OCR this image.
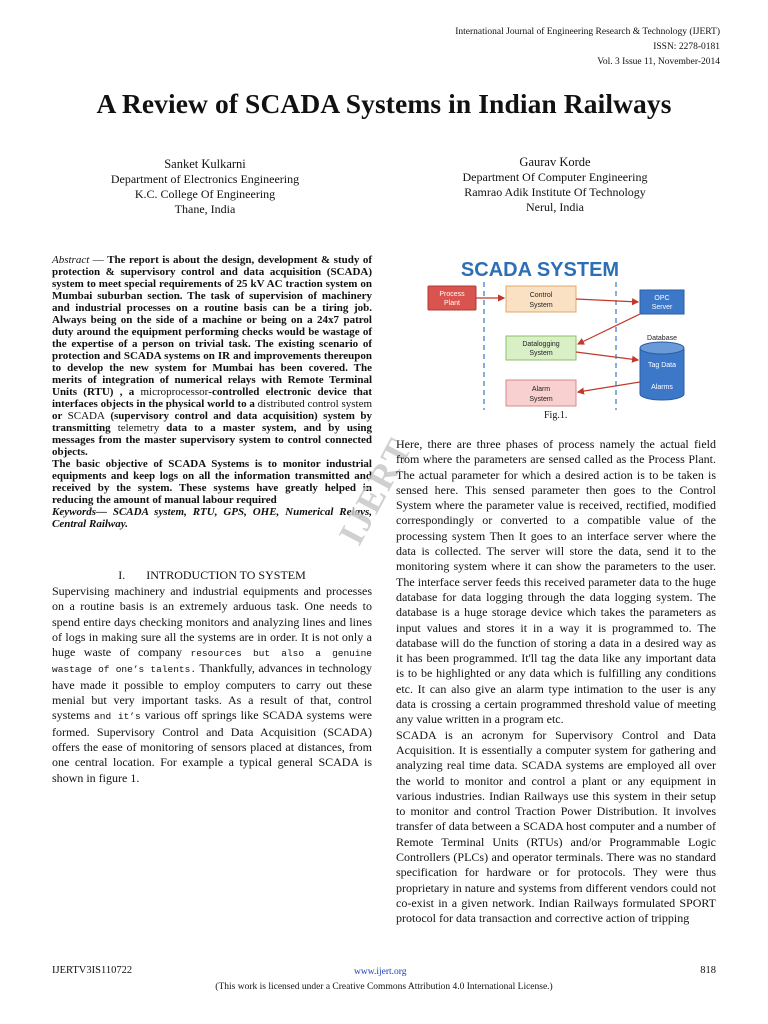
International Journal of Engineering Research & Technology (IJERT)
ISSN: 2278-0181
Vol. 3 Issue 11, November-2014
A Review of SCADA Systems in Indian Railways
Sanket Kulkarni
Department of Electronics Engineering
K.C. College Of Engineering
Thane, India
Gaurav Korde
Department Of Computer Engineering
Ramrao Adik Institute Of Technology
Nerul, India
Abstract — The report is about the design, development & study of protection & supervisory control and data acquisition (SCADA) system to meet special requirements of 25 kV AC traction system on Mumbai suburban section. The task of supervision of machinery and industrial processes on a routine basis can be a tiring job. Always being on the side of a machine or being on a 24x7 patrol duty around the equipment performing checks would be wastage of the expertise of a person on trivial task. The existing scenario of protection and SCADA systems on IR and improvements thereupon to develop the new system for Mumbai has been covered. The merits of integration of numerical relays with Remote Terminal Units (RTU) , a microprocessor-controlled electronic device that interfaces objects in the physical world to a distributed control system or SCADA (supervisory control and data acquisition) system by transmitting telemetry data to a master system, and by using messages from the master supervisory system to control connected objects.
The basic objective of SCADA Systems is to monitor industrial equipments and keep logs on all the information transmitted and received by the system. These systems have greatly helped in reducing the amount of manual labour required
Keywords— SCADA system, RTU, GPS, OHE, Numerical Relays, Central Railway.
I.       INTRODUCTION TO SYSTEM

Supervising machinery and industrial equipments and processes on a routine basis is an extremely arduous task. One needs to spend entire days checking monitors and analyzing lines and lines of logs in making sure all the systems are in order. It is not only a huge waste of company resources but also a genuine wastage of one’s talents. Thankfully, advances in technology have made it possible to employ computers to carry out these menial but very important tasks. As a result of that, control systems and it’s various off springs like SCADA systems were formed. Supervisory Control and Data Acquisition (SCADA) offers the ease of monitoring of sensors placed at distances, from one central location. For example a typical general SCADA is shown in figure 1.

SCADA SYSTEM
Process
Plant
Control
System
OPC
Server
Datalogging
System
Database
Tag Data
Alarms
Alarm
System
Fig.1.
IJERT

Here, there are three phases of process namely the actual field from where the parameters are sensed called as the Process Plant. The actual parameter for which a desired action is to be taken is sensed here. This sensed parameter then goes to the Control System where the parameter value is received, rectified, modified correspondingly or converted to a compatible value of the processing system Then It goes to an interface server where the data is collected. The server will store the data, send it to the monitoring system where it can show the parameters to the user. The interface server feeds this received parameter data to the huge database for data logging through the data logging system. The database is a huge storage device which takes the parameters as input values and stores it in a way it is programmed to. The database will do the function of storing a data in a desired way as it has been programmed. It'll tag the data like any important data is to be highlighted or any data which is fulfilling any conditions etc. It can also give an alarm type intimation to the user is any data is crossing a certain programmed threshold value of meeting any value written in a program etc.

SCADA is an acronym for Supervisory Control and Data Acquisition. It is essentially a computer system for gathering and analyzing real time data. SCADA systems are employed all over the world to monitor and control a plant or any equipment in various industries. Indian Railways use this system in their setup to monitor and control Traction Power Distribution. It involves transfer of data between a SCADA host computer and a number of Remote Terminal Units (RTUs) and/or Programmable Logic Controllers (PLCs) and operator terminals. There was no standard specification for hardware or for protocols. They were thus proprietary in nature and systems from different vendors could not co-exist in a given network. Indian Railways formulated SPORT protocol for data transaction and corrective action of tripping

IJERTV3IS110722	www.ijert.org	818
(This work is licensed under a Creative Commons Attribution 4.0 International License.)
